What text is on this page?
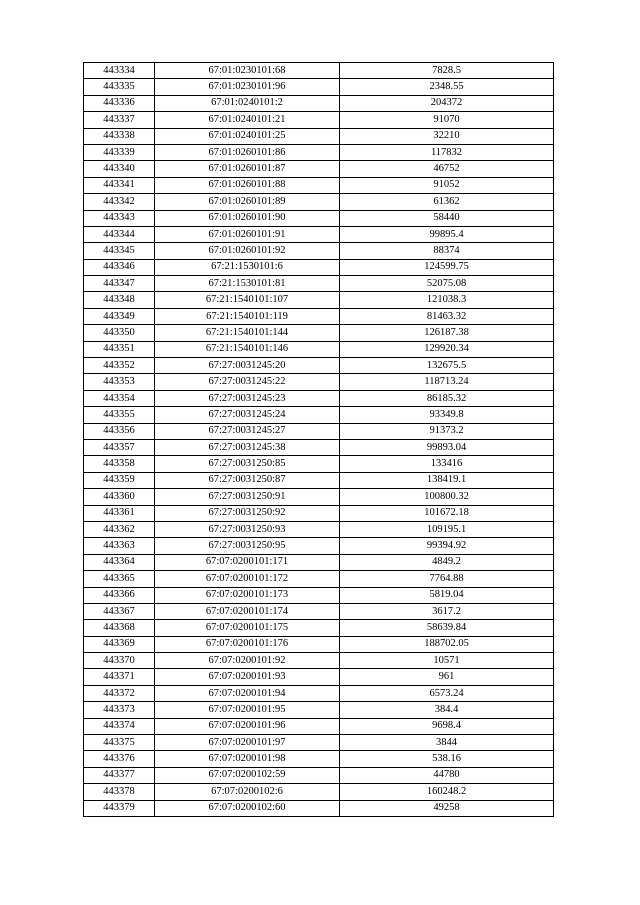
443334	67:01:0230101:68	7828.5
443335	67:01:0230101:96	2348.55
443336	67:01:0240101:2	204372
443337	67:01:0240101:21	91070
443338	67:01:0240101:25	32210
443339	67:01:0260101:86	117832
443340	67:01:0260101:87	46752
443341	67:01:0260101:88	91052
443342	67:01:0260101:89	61362
443343	67:01:0260101:90	58440
443344	67:01:0260101:91	99895.4
443345	67:01:0260101:92	88374
443346	67:21:1530101:6	124599.75
443347	67:21:1530101:81	52075.08
443348	67:21:1540101:107	121038.3
443349	67:21:1540101:119	81463.32
443350	67:21:1540101:144	126187.38
443351	67:21:1540101:146	129920.34
443352	67:27:0031245:20	132675.5
443353	67:27:0031245:22	118713.24
443354	67:27:0031245:23	86185.32
443355	67:27:0031245:24	93349.8
443356	67:27:0031245:27	91373.2
443357	67:27:0031245:38	99893.04
443358	67:27:0031250:85	133416
443359	67:27:0031250:87	138419.1
443360	67:27:0031250:91	100800.32
443361	67:27:0031250:92	101672.18
443362	67:27:0031250:93	109195.1
443363	67:27:0031250:95	99394.92
443364	67:07:0200101:171	4849.2
443365	67:07:0200101:172	7764.88
443366	67:07:0200101:173	5819.04
443367	67:07:0200101:174	3617.2
443368	67:07:0200101:175	58639.84
443369	67:07:0200101:176	188702.05
443370	67:07:0200101:92	10571
443371	67:07:0200101:93	961
443372	67:07:0200101:94	6573.24
443373	67:07:0200101:95	384.4
443374	67:07:0200101:96	9698.4
443375	67:07:0200101:97	3844
443376	67:07:0200101:98	538.16
443377	67:07:0200102:59	44780
443378	67:07:0200102:6	160248.2
443379	67:07:0200102:60	49258
